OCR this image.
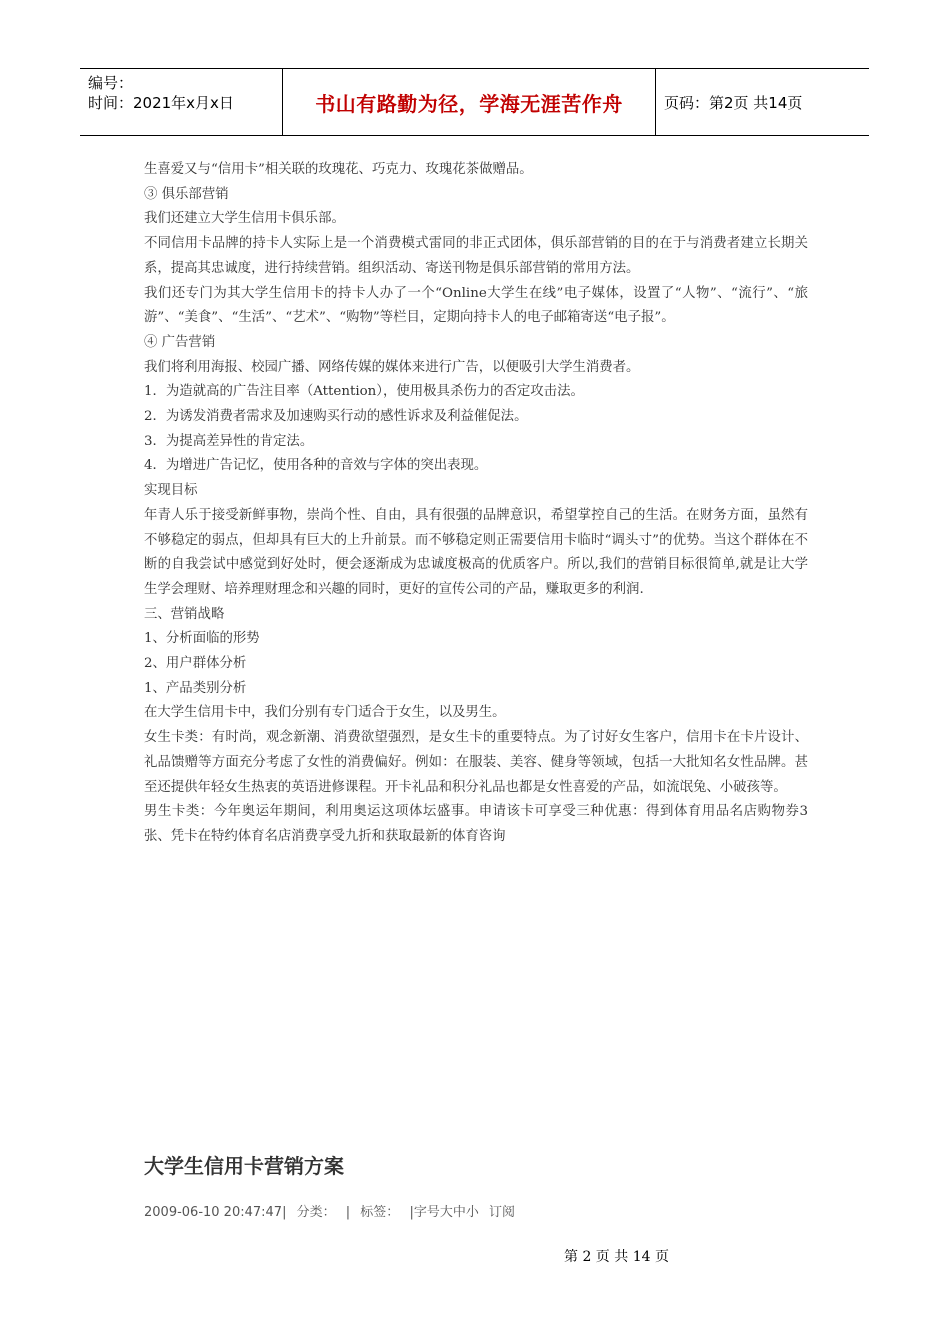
编号：
时间：2021年x月x日	书山有路勤为径，学海无涯苦作舟	页码：第2页 共14页

生喜爱又与“信用卡”相关联的玫瑰花、巧克力、玫瑰花茶做赠品。

③ 俱乐部营销

我们还建立大学生信用卡俱乐部。

不同信用卡品牌的持卡人实际上是一个消费模式雷同的非正式团体，俱乐部营销的目的在于与消费者建立长期关系，提高其忠诚度，进行持续营销。组织活动、寄送刊物是俱乐部营销的常用方法。

我们还专门为其大学生信用卡的持卡人办了一个“Online大学生在线”电子媒体，设置了“人物”、“流行”、“旅游”、“美食”、“生活”、“艺术”、“购物”等栏目，定期向持卡人的电子邮箱寄送“电子报”。

④ 广告营销

我们将利用海报、校园广播、网络传媒的媒体来进行广告，以便吸引大学生消费者。

1．为造就高的广告注目率（Attention），使用极具杀伤力的否定攻击法。

2．为诱发消费者需求及加速购买行动的感性诉求及利益催促法。

3．为提高差异性的肯定法。

4．为增进广告记忆，使用各种的音效与字体的突出表现。

实现目标

年青人乐于接受新鲜事物，崇尚个性、自由，具有很强的品牌意识，希望掌控自己的生活。在财务方面，虽然有不够稳定的弱点，但却具有巨大的上升前景。而不够稳定则正需要信用卡临时“调头寸”的优势。当这个群体在不断的自我尝试中感觉到好处时，便会逐渐成为忠诚度极高的优质客户。所以,我们的营销目标很简单,就是让大学生学会理财、培养理财理念和兴趣的同时，更好的宣传公司的产品，赚取更多的利润.

三、营销战略

1、分析面临的形势

2、用户群体分析

1、产品类别分析

在大学生信用卡中，我们分别有专门适合于女生，以及男生。

女生卡类：有时尚，观念新潮、消费欲望强烈，是女生卡的重要特点。为了讨好女生客户，信用卡在卡片设计、礼品馈赠等方面充分考虑了女性的消费偏好。例如：在服装、美容、健身等领域，包括一大批知名女性品牌。甚至还提供年轻女生热衷的英语进修课程。开卡礼品和积分礼品也都是女性喜爱的产品，如流氓兔、小破孩等。

男生卡类：今年奥运年期间，利用奥运这项体坛盛事。申请该卡可享受三种优惠：得到体育用品名店购物券3张、凭卡在特约体育名店消费享受九折和获取最新的体育咨询

大学生信用卡营销方案
2009-06-10 20:47:47| 分类： | 标签： |字号大中小 订阅
第 2 页 共 14 页
